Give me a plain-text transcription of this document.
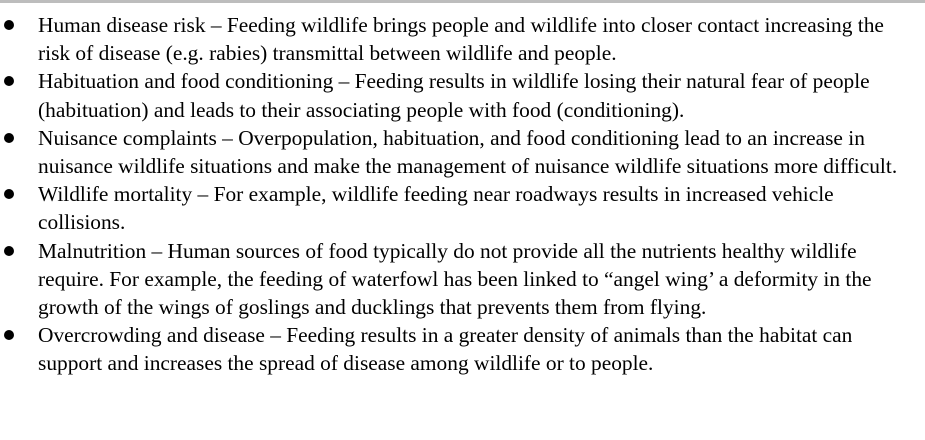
Human disease risk – Feeding wildlife brings people and wildlife into closer contact increasing the risk of disease (e.g. rabies) transmittal between wildlife and people.
Habituation and food conditioning – Feeding results in wildlife losing their natural fear of people (habituation) and leads to their associating people with food (conditioning).
Nuisance complaints – Overpopulation, habituation, and food conditioning lead to an increase in nuisance wildlife situations and make the management of nuisance wildlife situations more difficult.
Wildlife mortality – For example, wildlife feeding near roadways results in increased vehicle collisions.
Malnutrition – Human sources of food typically do not provide all the nutrients healthy wildlife require. For example, the feeding of waterfowl has been linked to “angel wing’ a deformity in the growth of the wings of goslings and ducklings that prevents them from flying.
Overcrowding and disease – Feeding results in a greater density of animals than the habitat can support and increases the spread of disease among wildlife or to people.
